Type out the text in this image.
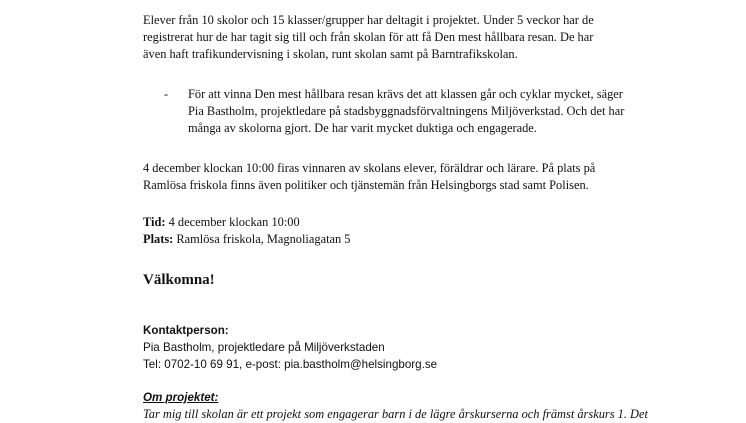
Elever från 10 skolor och 15 klasser/grupper har deltagit i projektet. Under 5 veckor har de
registrerat hur de har tagit sig till och från skolan för att få Den mest hållbara resan. De har
även haft trafikundervisning i skolan, runt skolan samt på Barntrafikskolan.
- För att vinna Den mest hållbara resan krävs det att klassen går och cyklar mycket, säger
Pia Bastholm, projektledare på stadsbyggnadsförvaltningens Miljöverkstad. Och det har
många av skolorna gjort. De har varit mycket duktiga och engagerade.
4 december klockan 10:00 firas vinnaren av skolans elever, föräldrar och lärare. På plats på
Ramlösa friskola finns även politiker och tjänstemän från Helsingborgs stad samt Polisen.
Tid: 4 december klockan 10:00
Plats: Ramlösa friskola, Magnoliagatan 5
Välkomna!
Kontaktperson:
Pia Bastholm, projektledare på Miljöverkstaden
Tel: 0702-10 69 91, e-post: pia.bastholm@helsingborg.se
Om projektet:
Tar mig till skolan är ett projekt som engagerar barn i de lägre årskurserna och främst årskurs 1. Det
